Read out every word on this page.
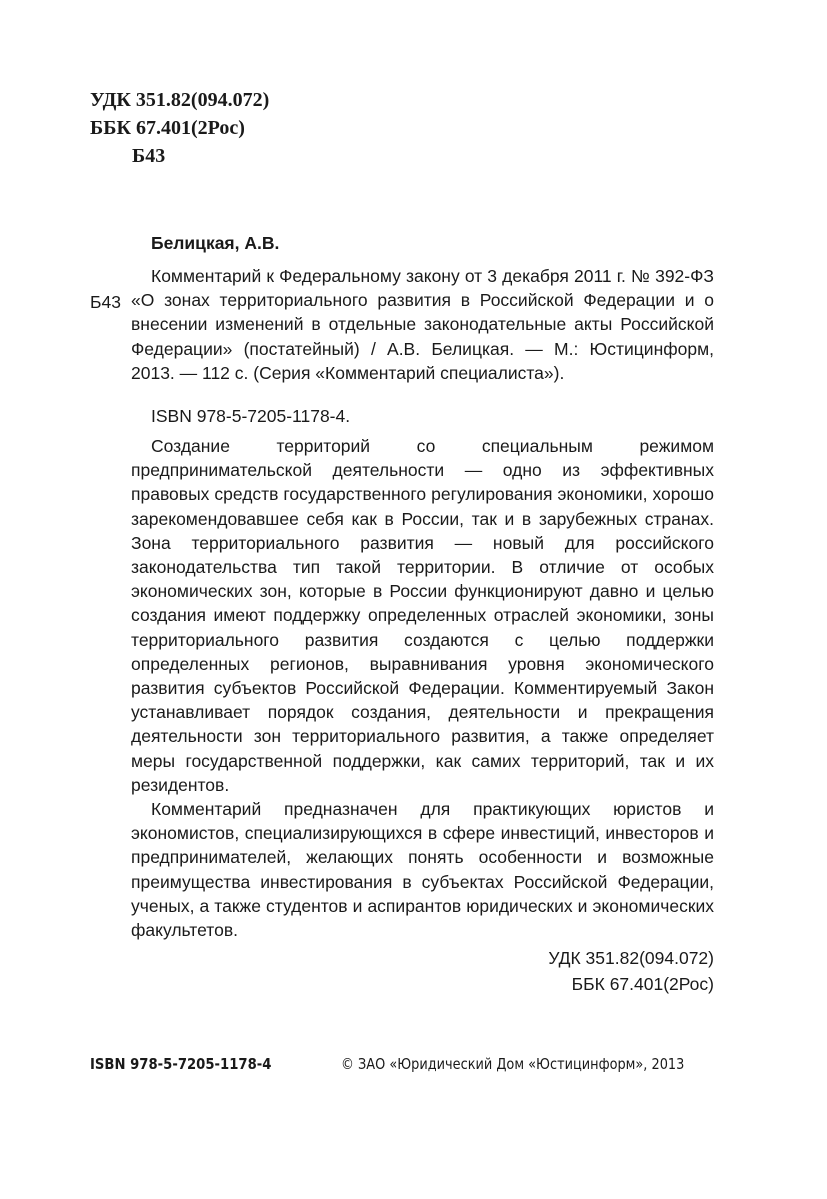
УДК 351.82(094.072)
ББК 67.401(2Рос)
Б43
Белицкая, А.В.
Б43
Комментарий к Федеральному закону от 3 декабря 2011 г. № 392-ФЗ «О зонах территориального развития в Российской Федерации и о внесении изменений в отдельные законодательные акты Российской Федерации» (постатейный) / А.В. Белицкая. — М.: Юстицинформ, 2013. — 112 с. (Серия «Комментарий специалиста»).
ISBN 978-5-7205-1178-4.

Создание территорий со специальным режимом предпринимательской деятельности — одно из эффективных правовых средств государственного регулирования экономики, хорошо зарекомендовавшее себя как в России, так и в зарубежных странах. Зона территориального развития — новый для российского законодательства тип такой территории. В отличие от особых экономических зон, которые в России функционируют давно и целью создания имеют поддержку определенных отраслей экономики, зоны территориального развития создаются с целью поддержки определенных регионов, выравнивания уровня экономического развития субъектов Российской Федерации. Комментируемый Закон устанавливает порядок создания, деятельности и прекращения деятельности зон территориального развития, а также определяет меры государственной поддержки, как самих территорий, так и их резидентов.

Комментарий предназначен для практикующих юристов и экономистов, специализирующихся в сфере инвестиций, инвесторов и предпринимателей, желающих понять особенности и возможные преимущества инвестирования в субъектах Российской Федерации, ученых, а также студентов и аспирантов юридических и экономических факультетов.

УДК 351.82(094.072)
ББК 67.401(2Рос)
ISBN 978-5-7205-1178-4	© ЗАО «Юридический Дом «Юстицинформ», 2013
